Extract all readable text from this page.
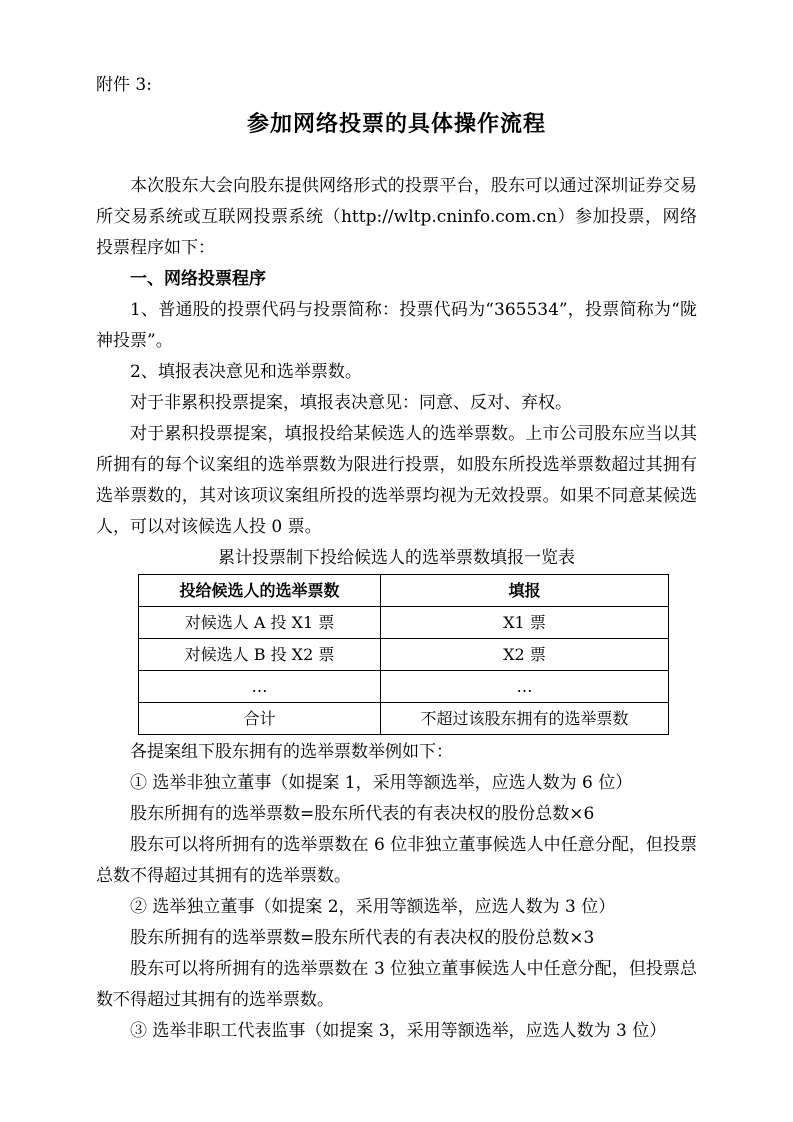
附件 3:

参加网络投票的具体操作流程

本次股东大会向股东提供网络形式的投票平台，股东可以通过深圳证券交易所交易系统或互联网投票系统（http://wltp.cninfo.com.cn）参加投票，网络投票程序如下：

一、网络投票程序

1、普通股的投票代码与投票简称：投票代码为“365534”，投票简称为“陇神投票”。

2、填报表决意见和选举票数。

对于非累积投票提案，填报表决意见：同意、反对、弃权。

对于累积投票提案，填报投给某候选人的选举票数。上市公司股东应当以其所拥有的每个议案组的选举票数为限进行投票，如股东所投选举票数超过其拥有选举票数的，其对该项议案组所投的选举票均视为无效投票。如果不同意某候选人，可以对该候选人投 0 票。

累计投票制下投给候选人的选举票数填报一览表
投给候选人的选举票数	填报
对候选人 A 投 X1 票	X1 票
对候选人 B 投 X2 票	X2 票
…	…
合计	不超过该股东拥有的选举票数

各提案组下股东拥有的选举票数举例如下：

① 选举非独立董事（如提案 1，采用等额选举，应选人数为 6 位）

股东所拥有的选举票数=股东所代表的有表决权的股份总数×6

股东可以将所拥有的选举票数在 6 位非独立董事候选人中任意分配，但投票总数不得超过其拥有的选举票数。

② 选举独立董事（如提案 2，采用等额选举，应选人数为 3 位）

股东所拥有的选举票数=股东所代表的有表决权的股份总数×3

股东可以将所拥有的选举票数在 3 位独立董事候选人中任意分配，但投票总数不得超过其拥有的选举票数。

③ 选举非职工代表监事（如提案 3，采用等额选举，应选人数为 3 位）
